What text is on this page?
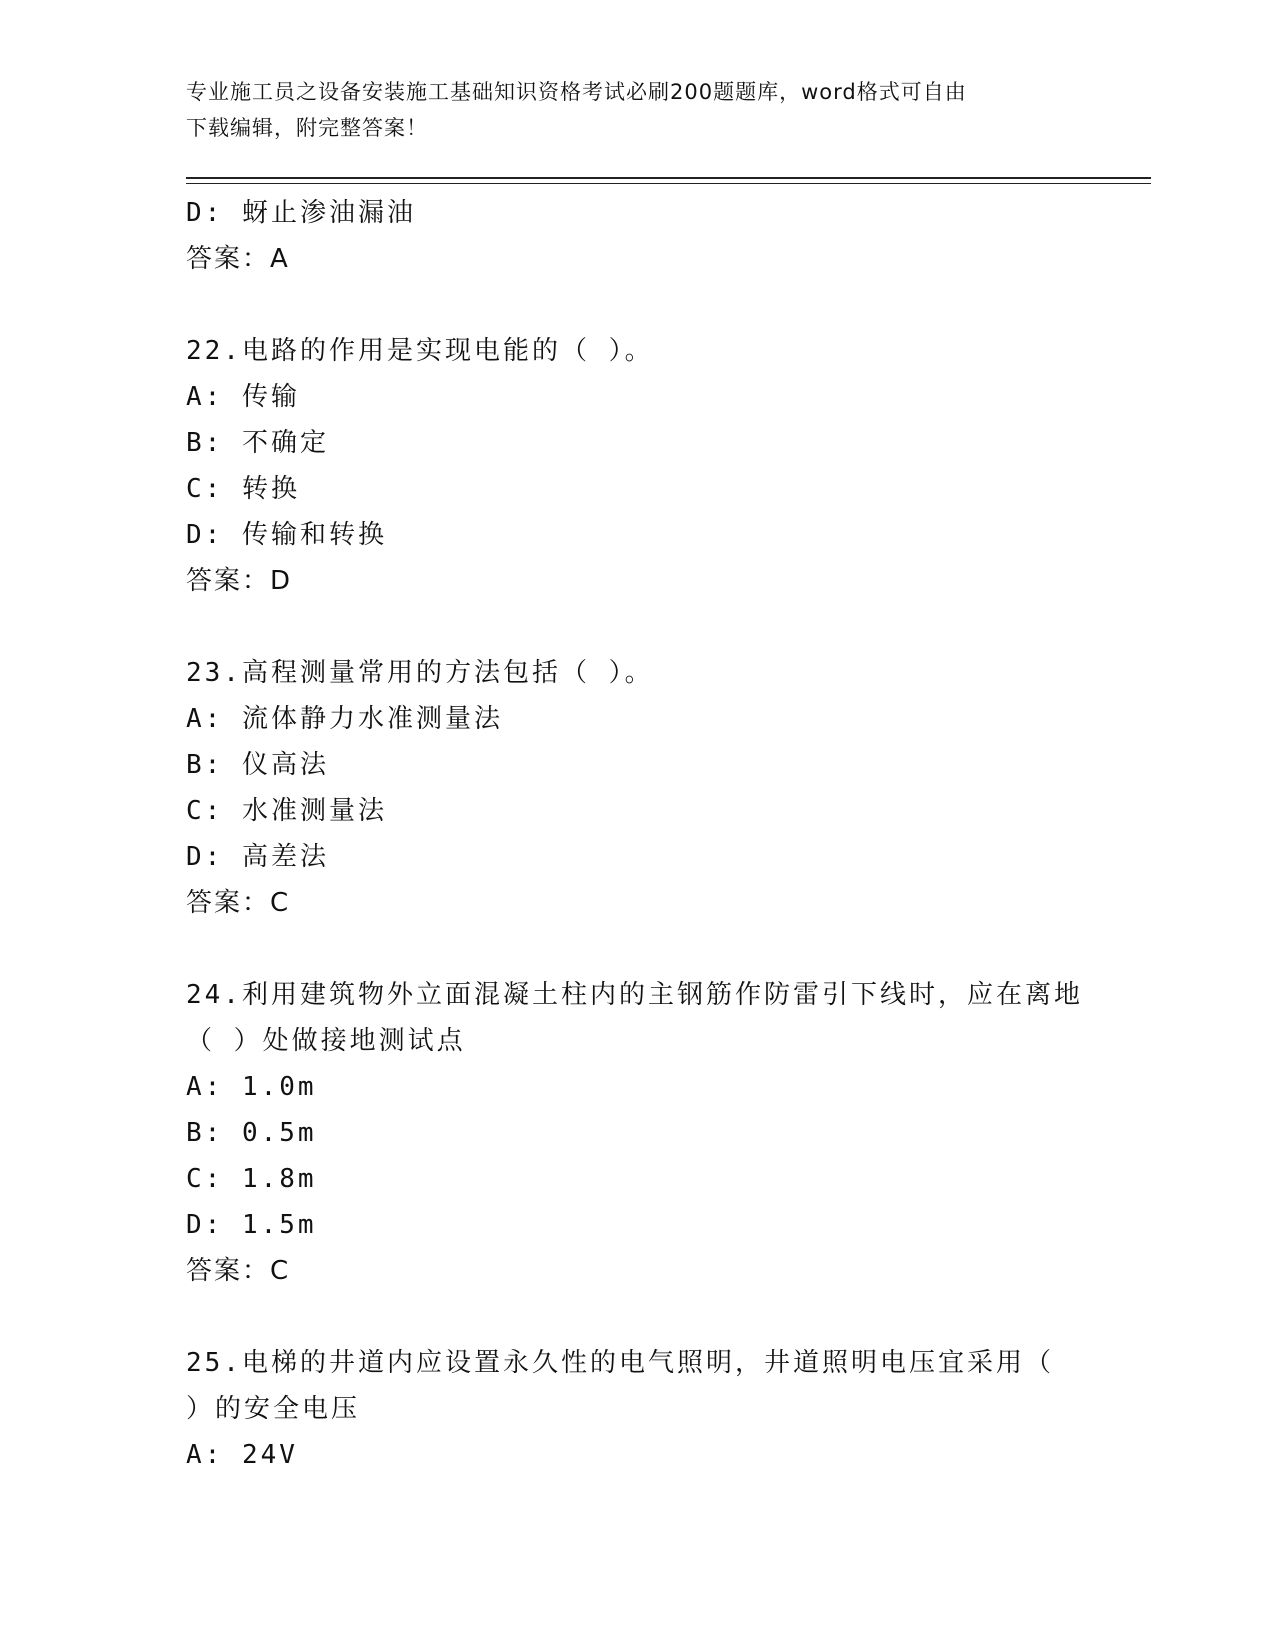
专业施工员之设备安装施工基础知识资格考试必刷200题题库，word格式可自由
下载编辑，附完整答案！
D: 蚜止渗油漏油
答案：A
22.电路的作用是实现电能的（ ）。
A: 传输
B: 不确定
C: 转换
D: 传输和转换
答案：D
23.高程测量常用的方法包括（ ）。
A: 流体静力水准测量法
B: 仪高法
C: 水准测量法
D: 高差法
答案：C
24.利用建筑物外立面混凝土柱内的主钢筋作防雷引下线时，应在离地
（ ）处做接地测试点
A: 1.0m
B: 0.5m
C: 1.8m
D: 1.5m
答案：C
25.电梯的井道内应设置永久性的电气照明，井道照明电压宜采用（
）的安全电压
A: 24V
